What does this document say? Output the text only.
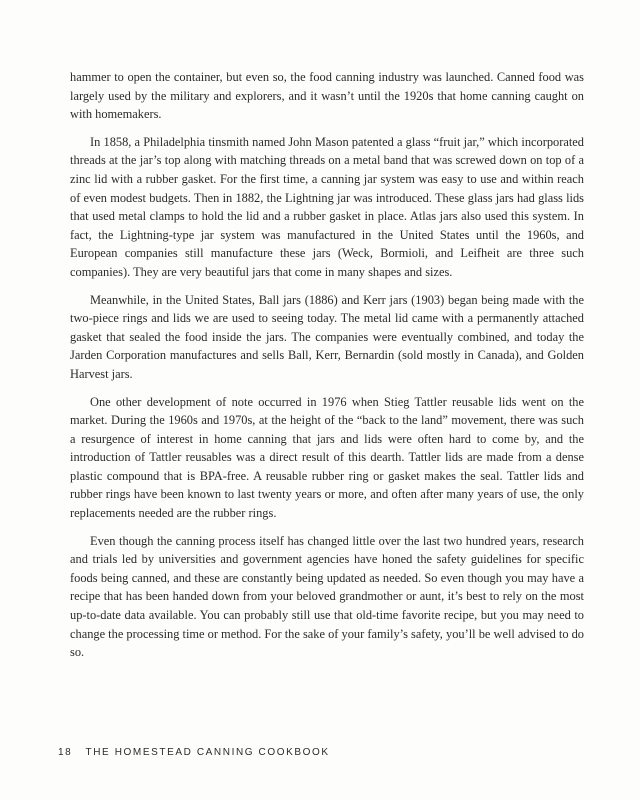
hammer to open the container, but even so, the food canning industry was launched. Canned food was largely used by the military and explorers, and it wasn’t until the 1920s that home canning caught on with homemakers.

In 1858, a Philadelphia tinsmith named John Mason patented a glass “fruit jar,” which incorporated threads at the jar’s top along with matching threads on a metal band that was screwed down on top of a zinc lid with a rubber gasket. For the first time, a canning jar system was easy to use and within reach of even modest budgets. Then in 1882, the Lightning jar was introduced. These glass jars had glass lids that used metal clamps to hold the lid and a rubber gasket in place. Atlas jars also used this system. In fact, the Lightning-type jar system was manufactured in the United States until the 1960s, and European companies still manufacture these jars (Weck, Bormioli, and Leifheit are three such companies). They are very beautiful jars that come in many shapes and sizes.

Meanwhile, in the United States, Ball jars (1886) and Kerr jars (1903) began being made with the two-piece rings and lids we are used to seeing today. The metal lid came with a permanently attached gasket that sealed the food inside the jars. The companies were eventually combined, and today the Jarden Corporation manufactures and sells Ball, Kerr, Bernardin (sold mostly in Canada), and Golden Harvest jars.

One other development of note occurred in 1976 when Stieg Tattler reusable lids went on the market. During the 1960s and 1970s, at the height of the “back to the land” movement, there was such a resurgence of interest in home canning that jars and lids were often hard to come by, and the introduction of Tattler reusables was a direct result of this dearth. Tattler lids are made from a dense plastic compound that is BPA-free. A reusable rubber ring or gasket makes the seal. Tattler lids and rubber rings have been known to last twenty years or more, and often after many years of use, the only replacements needed are the rubber rings.

Even though the canning process itself has changed little over the last two hundred years, research and trials led by universities and government agencies have honed the safety guidelines for specific foods being canned, and these are constantly being updated as needed. So even though you may have a recipe that has been handed down from your beloved grandmother or aunt, it’s best to rely on the most up-to-date data available. You can probably still use that old-time favorite recipe, but you may need to change the processing time or method. For the sake of your family’s safety, you’ll be well advised to do so.

18 THE HOMESTEAD CANNING COOKBOOK
